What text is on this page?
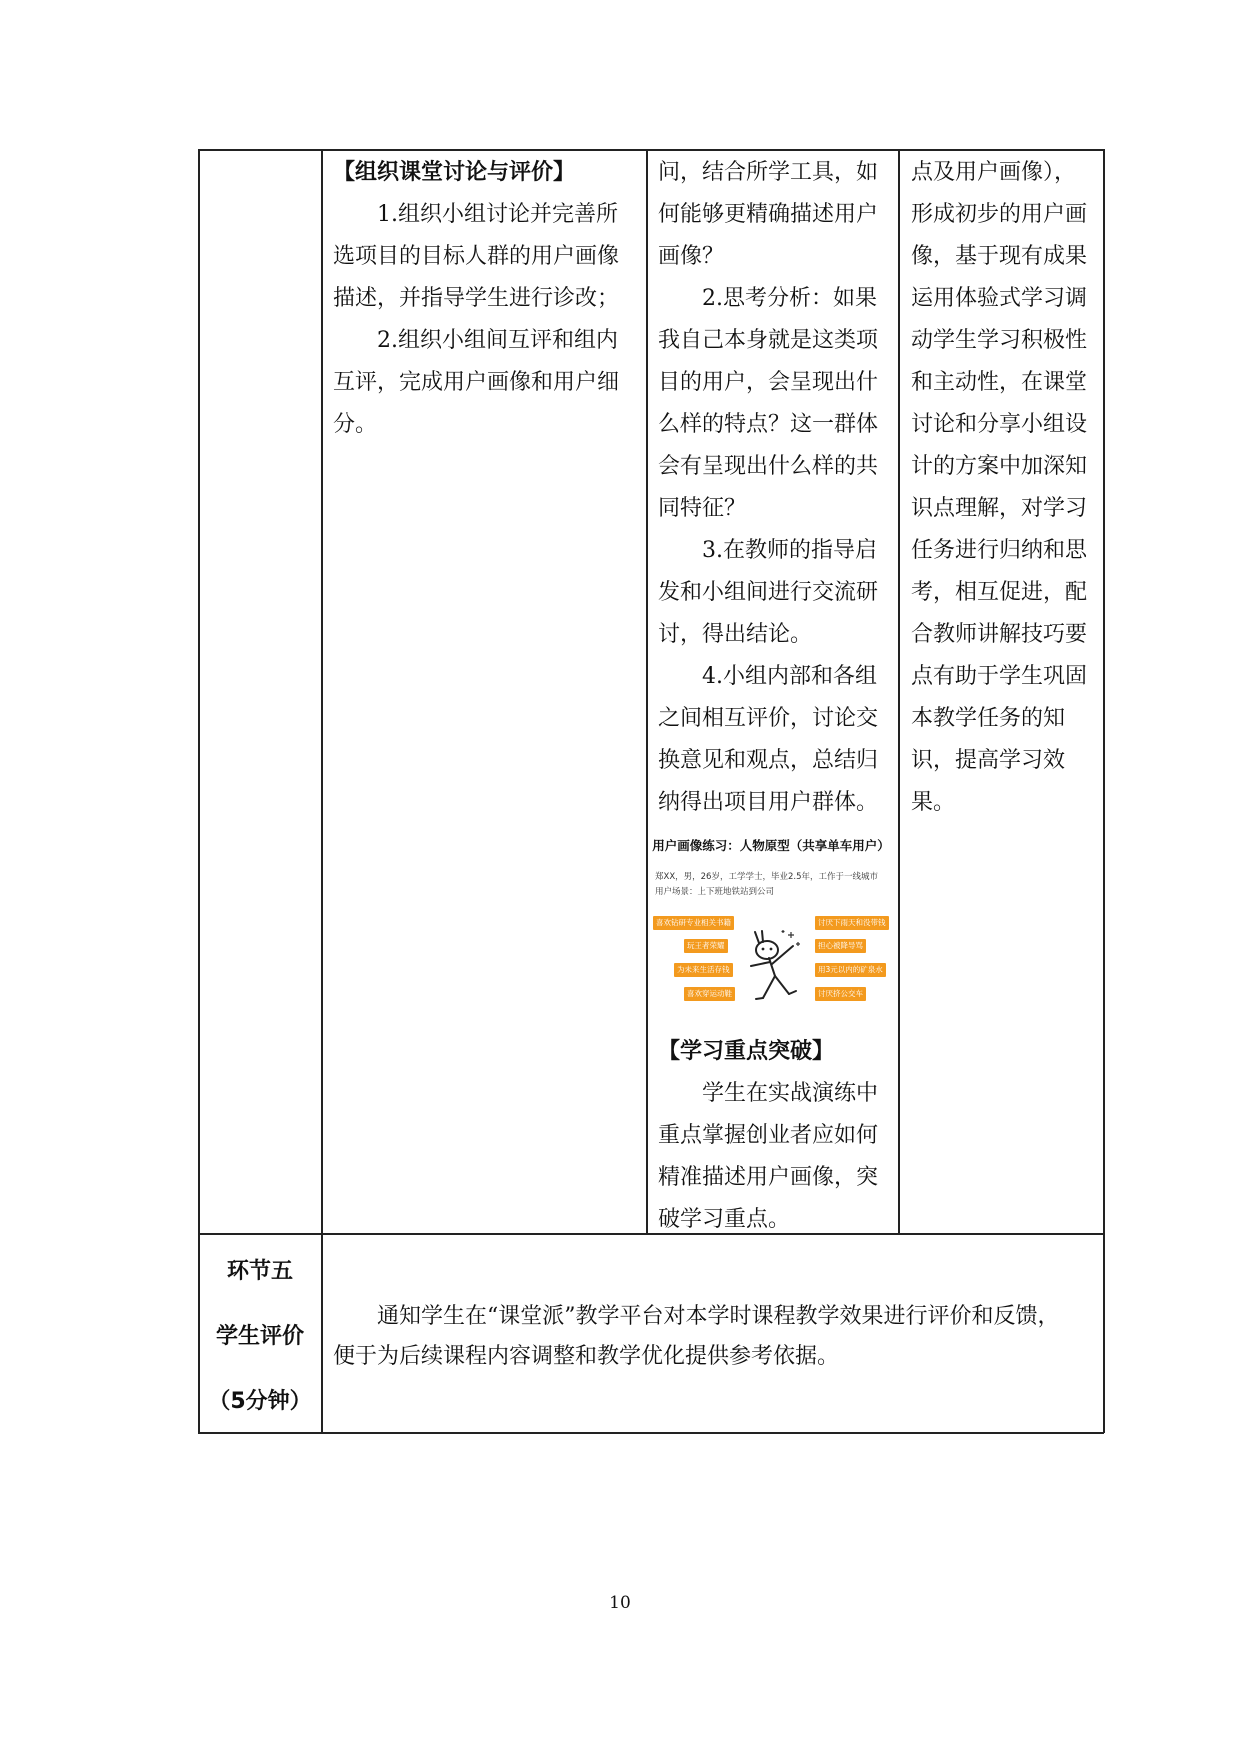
【组织课堂讨论与评价】

1.组织小组讨论并完善所选项目的目标人群的用户画像描述，并指导学生进行诊改；

2.组织小组间互评和组内互评，完成用户画像和用户细分。

问，结合所学工具，如何能够更精确描述用户画像？

2.思考分析：如果我自己本身就是这类项目的用户，会呈现出什么样的特点？这一群体会有呈现出什么样的共同特征？

3.在教师的指导启发和小组间进行交流研讨，得出结论。

4.小组内部和各组之间相互评价，讨论交换意见和观点，总结归纳得出项目用户群体。

用户画像练习：人物原型（共享单车用户）
郑XX，男，26岁，工学学士，毕业2.5年，工作于一线城市
用户场景：上下班地铁站到公司
喜欢钻研专业相关书籍
玩王者荣耀
为未来生活存钱
喜欢穿运动鞋
讨厌下雨天和没带钱
担心被降导骂
用3元以内的矿泉水
讨厌挤公交车

【学习重点突破】

学生在实战演练中重点掌握创业者应如何精准描述用户画像，突破学习重点。

点及用户画像），形成初步的用户画像，基于现有成果运用体验式学习调动学生学习积极性和主动性，在课堂讨论和分享小组设计的方案中加深知识点理解，对学习任务进行归纳和思考，相互促进，配合教师讲解技巧要点有助于学生巩固本教学任务的知识，提高学习效果。

环节五
学生评价
（5分钟）

通知学生在“课堂派”教学平台对本学时课程教学效果进行评价和反馈，

便于为后续课程内容调整和教学优化提供参考依据。

10
